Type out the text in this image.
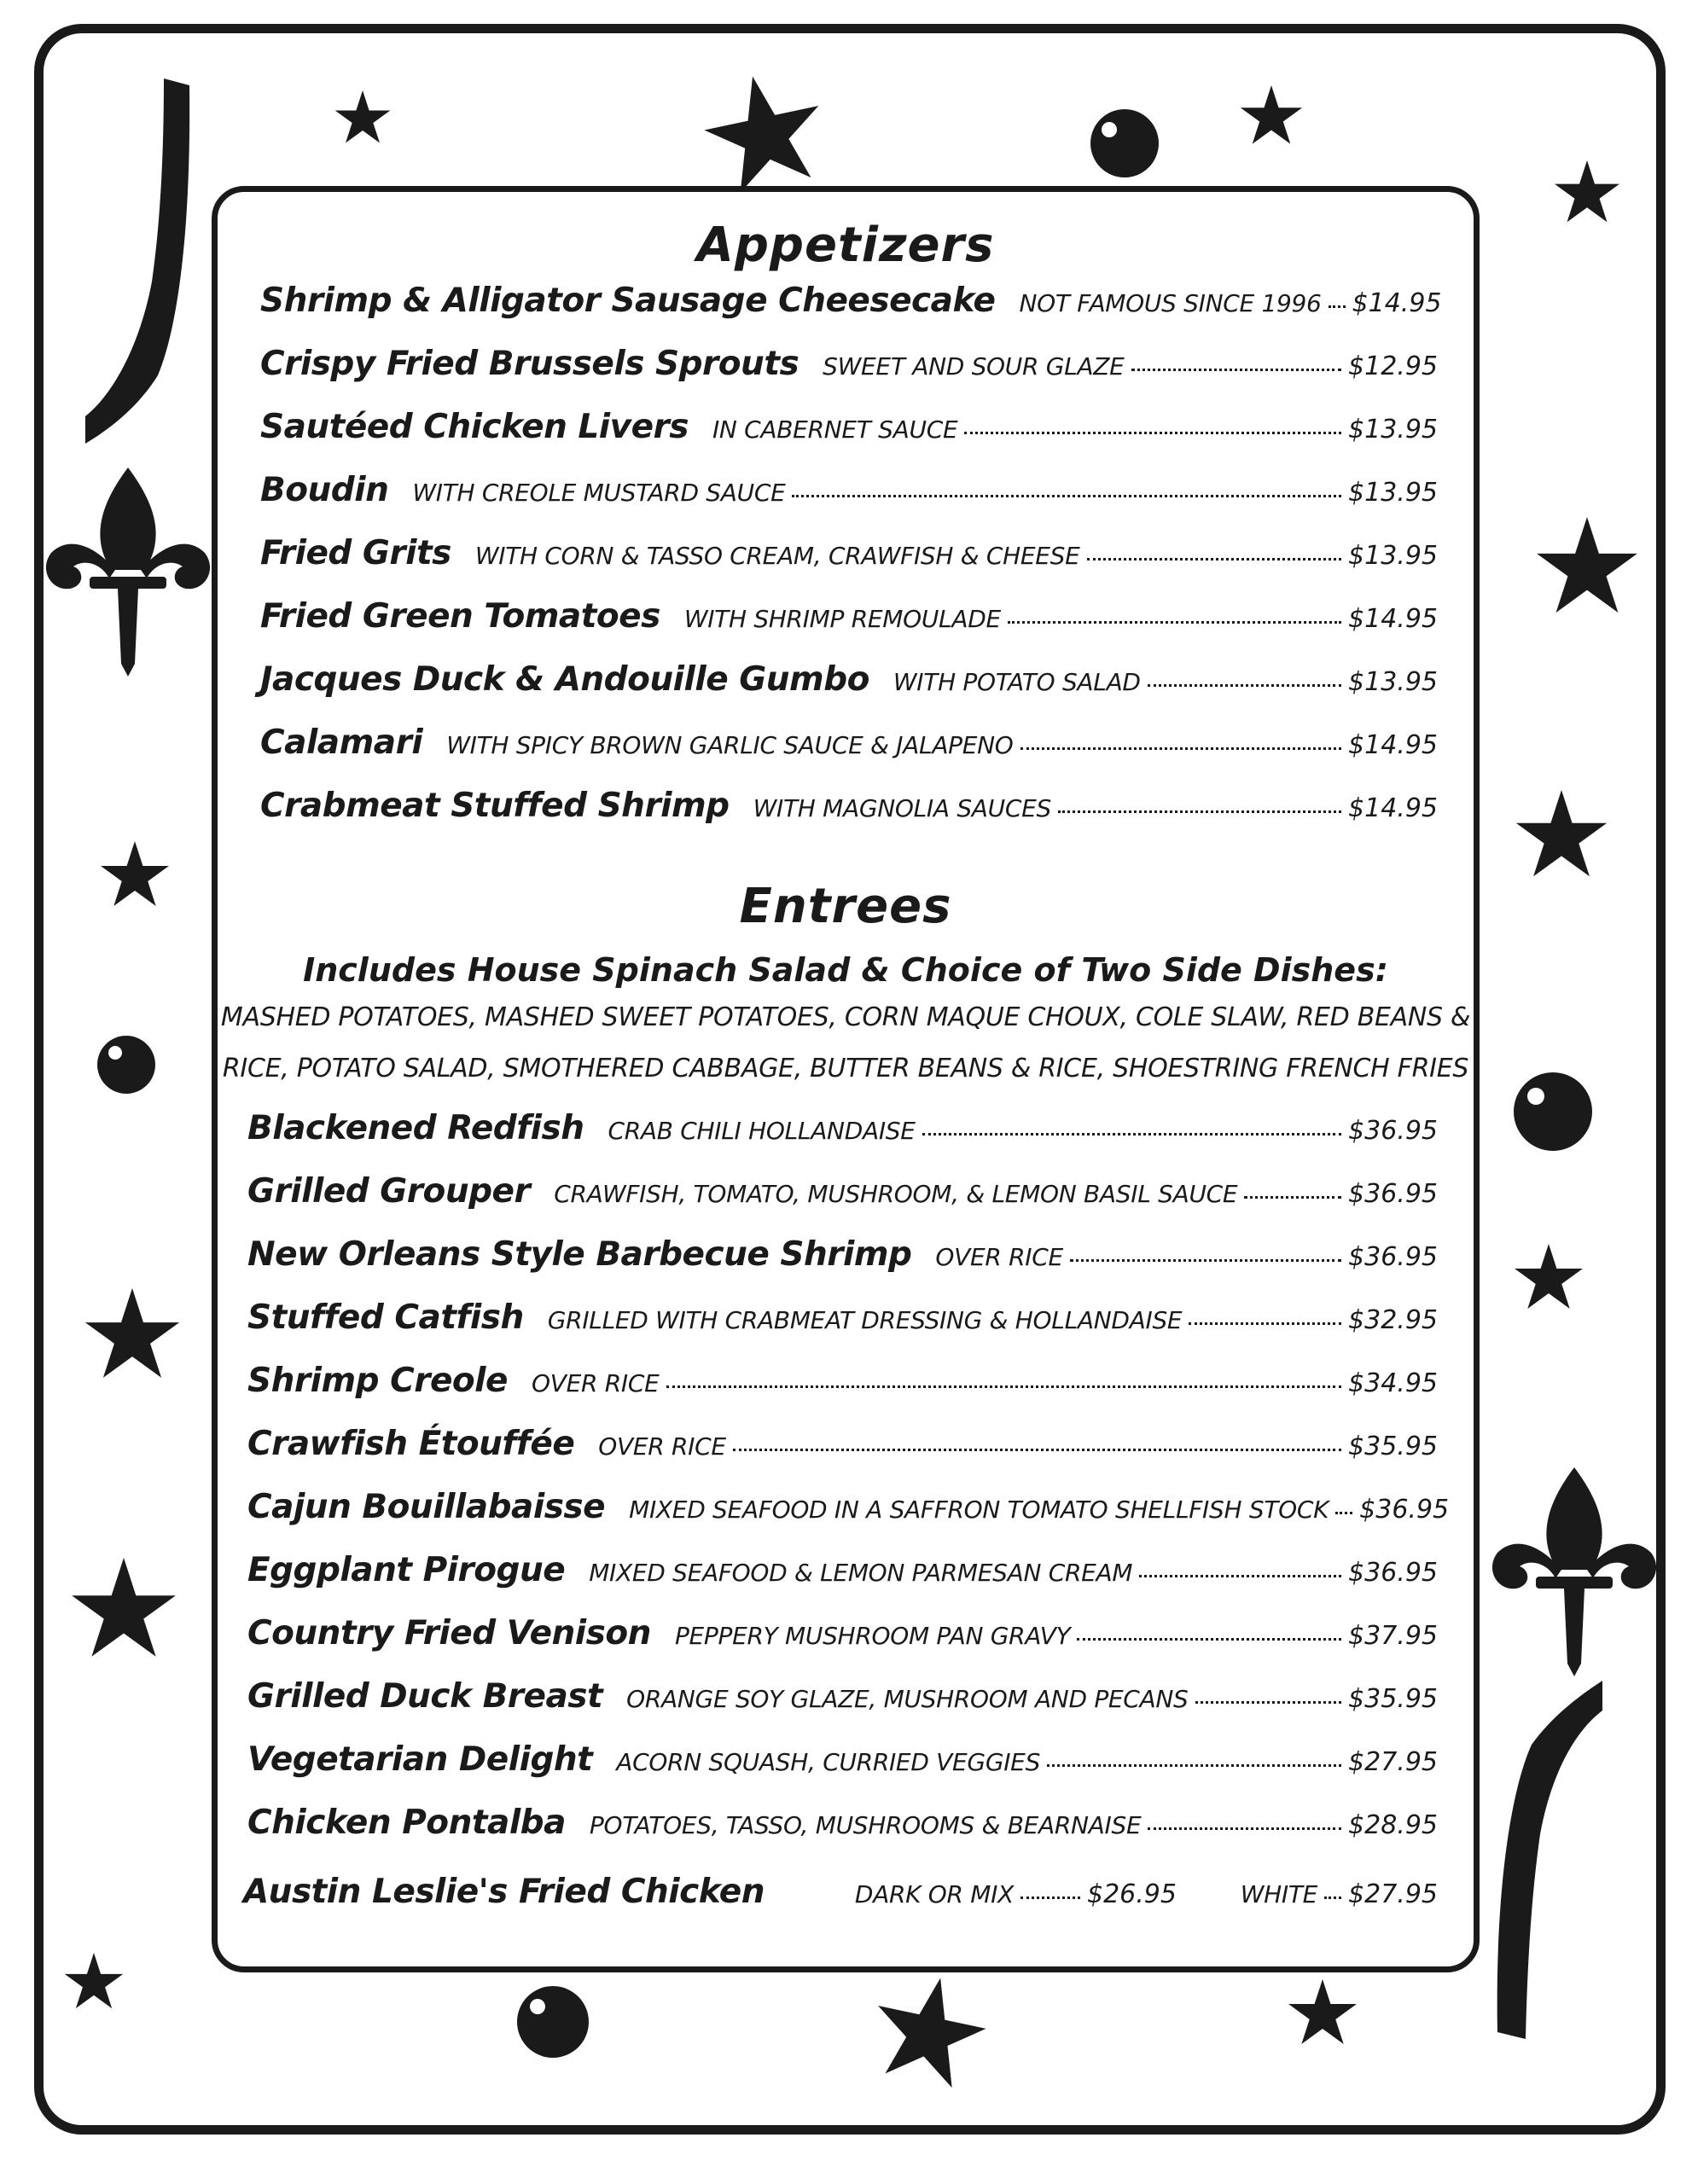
Appetizers
Shrimp & Alligator Sausage Cheesecake NOT FAMOUS SINCE 1996 $14.95
Crispy Fried Brussels Sprouts SWEET AND SOUR GLAZE	$12.95
Sautéed Chicken Livers IN CABERNET SAUCE	$13.95
Boudin WITH CREOLE MUSTARD SAUCE	$13.95
Fried Grits WITH CORN & TASSO CREAM, CRAWFISH & CHEESE	$13.95
Fried Green Tomatoes WITH SHRIMP REMOULADE	$14.95
Jacques Duck & Andouille Gumbo WITH POTATO SALAD	$13.95
Calamari WITH SPICY BROWN GARLIC SAUCE & JALAPENO	$14.95
Crabmeat Stuffed Shrimp WITH MAGNOLIA SAUCES	$14.95
Entrees
Includes House Spinach Salad & Choice of Two Side Dishes:
MASHED POTATOES, MASHED SWEET POTATOES, CORN MAQUE CHOUX, COLE SLAW, RED BEANS &
RICE, POTATO SALAD, SMOTHERED CABBAGE, BUTTER BEANS & RICE, SHOESTRING FRENCH FRIES
Blackened Redfish CRAB CHILI HOLLANDAISE	$36.95
Grilled Grouper CRAWFISH, TOMATO, MUSHROOM, & LEMON BASIL SAUCE	$36.95
New Orleans Style Barbecue Shrimp OVER RICE	$36.95
Stuffed Catfish GRILLED WITH CRABMEAT DRESSING & HOLLANDAISE	$32.95
Shrimp Creole OVER RICE	$34.95
Crawfish Étouffée OVER RICE	$35.95
Cajun Bouillabaisse MIXED SEAFOOD IN A SAFFRON TOMATO SHELLFISH STOCK $36.95
Eggplant Pirogue MIXED SEAFOOD & LEMON PARMESAN CREAM	$36.95
Country Fried Venison PEPPERY MUSHROOM PAN GRAVY	$37.95
Grilled Duck Breast ORANGE SOY GLAZE, MUSHROOM AND PECANS	$35.95
Vegetarian Delight ACORN SQUASH, CURRIED VEGGIES	$27.95
Chicken Pontalba POTATOES, TASSO, MUSHROOMS & BEARNAISE	$28.95
Austin Leslie's Fried Chicken	DARK OR MIX	$26.95	WHITE $27.95
